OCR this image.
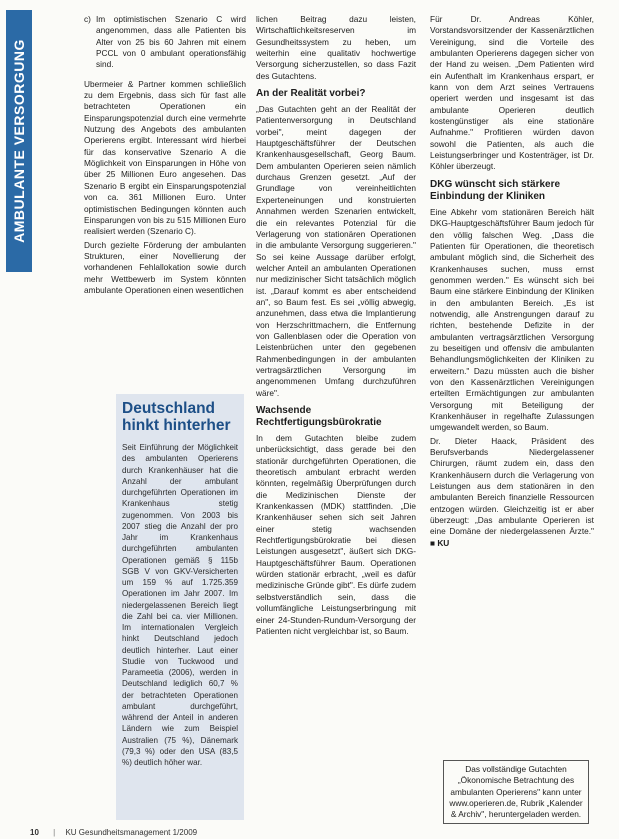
AMBULANTE VERSORGUNG
c) Im optimistischen Szenario C wird angenommen, dass alle Patienten bis Alter von 25 bis 60 Jahren mit einem PCCL von 0 ambulant operationsfähig sind.

Ubermeier & Partner kommen schließlich zu dem Ergebnis, dass sich für fast alle betrachteten Operationen ein Einsparungspotenzial durch eine vermehrte Nutzung des Angebots des ambulanten Operierens ergibt. Interessant wird hierbei für das konservative Szenario A die Möglichkeit von Einsparungen in Höhe von über 25 Millionen Euro angesehen. Das Szenario B ergibt ein Einsparungspotenzial von ca. 361 Millionen Euro. Unter optimistischen Bedingungen könnten auch Einsparungen von bis zu 515 Millionen Euro realisiert werden (Szenario C).

Durch gezielte Förderung der ambulanten Strukturen, einer Novellierung der vorhandenen Fehlallokation sowie durch mehr Wettbewerb im System könnten ambulante Operationen einen wesentlichen

Deutschland hinkt hinterher
Seit Einführung der Möglichkeit des ambulanten Operierens durch Krankenhäuser hat die Anzahl der ambulant durchgeführten Operationen im Krankenhaus stetig zugenommen. Von 2003 bis 2007 stieg die Anzahl der pro Jahr im Krankenhaus durchgeführten ambulanten Operationen gemäß § 115b SGB V von GKV-Versicherten um 159 % auf 1.725.359 Operationen im Jahr 2007. Im niedergelassenen Bereich liegt die Zahl bei ca. vier Millionen. Im internationalen Vergleich hinkt Deutschland jedoch deutlich hinterher. Laut einer Studie von Tuckwood und Parameetia (2006), werden in Deutschland lediglich 60,7 % der betrachteten Operationen ambulant durchgeführt, während der Anteil in anderen Ländern wie zum Beispiel Australien (75 %), Dänemark (79,3 %) oder den USA (83,5 %) deutlich höher war.

lichen Beitrag dazu leisten, Wirtschaftlichkeitsreserven im Gesundheitssystem zu heben, um weiterhin eine qualitativ hochwertige Versorgung sicherzustellen, so dass Fazit des Gutachtens.

An der Realität vorbei?

„Das Gutachten geht an der Realität der Patientenversorgung in Deutschland vorbei", meint dagegen der Hauptgeschäftsführer der Deutschen Krankenhausgesellschaft, Georg Baum. Dem ambulanten Operieren seien nämlich durchaus Grenzen gesetzt. „Auf der Grundlage von vereinheitlichten Experteneinungen und konstruierten Annahmen werden Szenarien entwickelt, die ein relevantes Potenzial für die Verlagerung von stationären Operationen in die ambulante Versorgung suggerieren." So sei keine Aussage darüber erfolgt, welcher Anteil an ambulanten Operationen nur medizinischer Sicht tatsächlich möglich ist. „Darauf kommt es aber entscheidend an", so Baum fest. Es sei „völlig abwegig, anzunehmen, dass etwa die Implantierung von Herzschrittmachern, die Entfernung von Gallenblasen oder die Operation von Leistenbrüchen unter den gegebenen Rahmenbedingungen in der ambulanten vertragsärztlichen Versorgung im angenommenen Umfang durchzuführen wäre".

Wachsende Rechtfertigungsbürokratie

In dem Gutachten bleibe zudem unberücksichtigt, dass gerade bei den stationär durchgeführten Operationen, die theoretisch ambulant erbracht werden könnten, regelmäßig Überprüfungen durch die Medizinischen Dienste der Krankenkassen (MDK) stattfinden. „Die Krankenhäuser sehen sich seit Jahren einer stetig wachsenden Rechtfertigungsbürokratie bei diesen Leistungen ausgesetzt", äußert sich DKG-Hauptgeschäftsführer Baum. Operationen würden stationär erbracht, „weil es dafür medizinische Gründe gibt". Es dürfe zudem selbstverständlich sein, dass die vollumfängliche Leistungserbringung mit einer 24-Stunden-Rundum-Versorgung der Patienten nicht vergleichbar ist, so Baum.

Für Dr. Andreas Köhler, Vorstandsvorsitzender der Kassenärztlichen Vereinigung, sind die Vorteile des ambulanten Operierens dagegen sicher von der Hand zu weisen. „Dem Patienten wird ein Aufenthalt im Krankenhaus erspart, er kann von dem Arzt seines Vertrauens operiert werden und insgesamt ist das ambulante Operieren deutlich kostengünstiger als eine stationäre Aufnahme." Profitieren würden davon sowohl die Patienten, als auch die Leistungserbringer und Kostenträger, ist Dr. Köhler überzeugt.

DKG wünscht sich stärkere Einbindung der Kliniken

Eine Abkehr vom stationären Bereich hält DKG-Hauptgeschäftsführer Baum jedoch für den völlig falschen Weg. „Dass die Patienten für Operationen, die theoretisch ambulant möglich sind, die Sicherheit des Krankenhauses suchen, muss ernst genommen werden." Es wünscht sich bei Baum eine stärkere Einbindung der Kliniken in den ambulanten Bereich. „Es ist notwendig, alle Anstrengungen darauf zu richten, bestehende Defizite in der ambulanten vertragsärztlichen Versorgung zu beseitigen und offensiv die ambulanten Behandlungsmöglichkeiten der Kliniken zu erweitern." Dazu müssten auch die bisher von den Kassenärztlichen Vereinigungen erteilten Ermächtigungen zur ambulanten Versorgung mit Beteiligung der Krankenhäuser in regelhafte Zulassungen umgewandelt werden, so Baum.

Dr. Dieter Haack, Präsident des Berufsverbands Niedergelassener Chirurgen, räumt zudem ein, dass den Krankenhäusern durch die Verlagerung von Leistungen aus dem stationären in den ambulanten Bereich finanzielle Ressourcen entzogen würden. Gleichzeitig ist er aber überzeugt: „Das ambulante Operieren ist eine Domäne der niedergelassenen Ärzte." ■ KU

Das vollständige Gutachten „Ökonomische Betrachtung des ambulanten Operierens" kann unter www.operieren.de, Rubrik „Kalender & Archiv", heruntergeladen werden.
10 | KU Gesundheitsmanagement 1/2009
